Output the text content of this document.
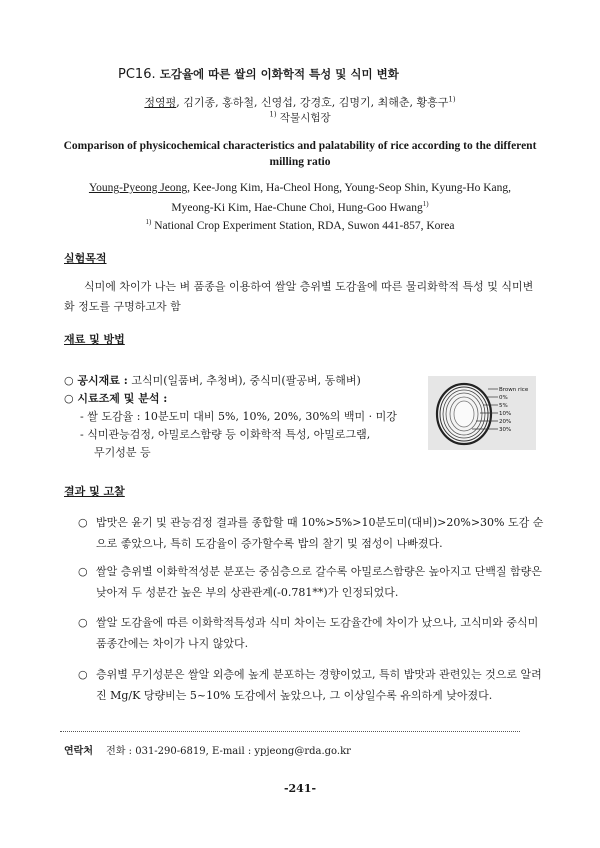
PC16. 도감율에 따른 쌀의 이화학적 특성 및 식미 변화
정영평, 김기종, 홍하철, 신영섭, 강경호, 김명기, 최해춘, 황흥구$^{1)}$
$^{1)}$ 작물시험장
Comparison of physicochemical characteristics and palatability of rice according to the different milling ratio
Young-Pyeong Jeong, Kee-Jong Kim, Ha-Cheol Hong, Young-Seop Shin, Kyung-Ho Kang,
Myeong-Ki Kim, Hae-Chune Choi, Hung-Goo Hwang$^{1)}$
$^{1)}$ National Crop Experiment Station, RDA, Suwon 441-857, Korea
실험목적
식미에 차이가 나는 벼 품종을 이용하여 쌀알 층위별 도감율에 따른 물리화학적 특성 및 식미변화 정도를 구명하고자 함
재료 및 방법
○ 공시재료 : 고식미(일품벼, 추청벼), 중식미(팔공벼, 동해벼)
○ 시료조제 및 분석 :
- 쌀 도감율 : 10분도미 대비 5%, 10%, 20%, 30%의 백미 · 미강
- 식미관능검정, 아밀로스함량 등 이화학적 특성, 아밀로그램,
무기성분 등
Brown rice
0%
5%
10%
20%
30%
결과 및 고찰
○ 밥맛은 윤기 및 관능검정 결과를 종합할 때 10%>5%>10분도미(대비)>20%>30% 도감 순으로 좋았으나, 특히 도감율이 증가할수록 밥의 찰기 및 점성이 나빠졌다.
○ 쌀알 층위별 이화학적성분 분포는 중심층으로 갈수록 아밀로스함량은 높아지고 단백질 함량은 낮아져 두 성분간 높은 부의 상관관계(-0.781**)가 인정되었다.
○ 쌀알 도감율에 따른 이화학적특성과 식미 차이는 도감율간에 차이가 났으나, 고식미와 중식미 품종간에는 차이가 나지 않았다.
○ 층위별 무기성분은 쌀알 외층에 높게 분포하는 경향이었고, 특히 밥맛과 관련있는 것으로 알려진 Mg/K 당량비는 5~10% 도감에서 높았으나, 그 이상일수록 유의하게 낮아졌다.
연락처 전화 : 031-290-6819, E-mail : ypjeong@rda.go.kr
-241-
